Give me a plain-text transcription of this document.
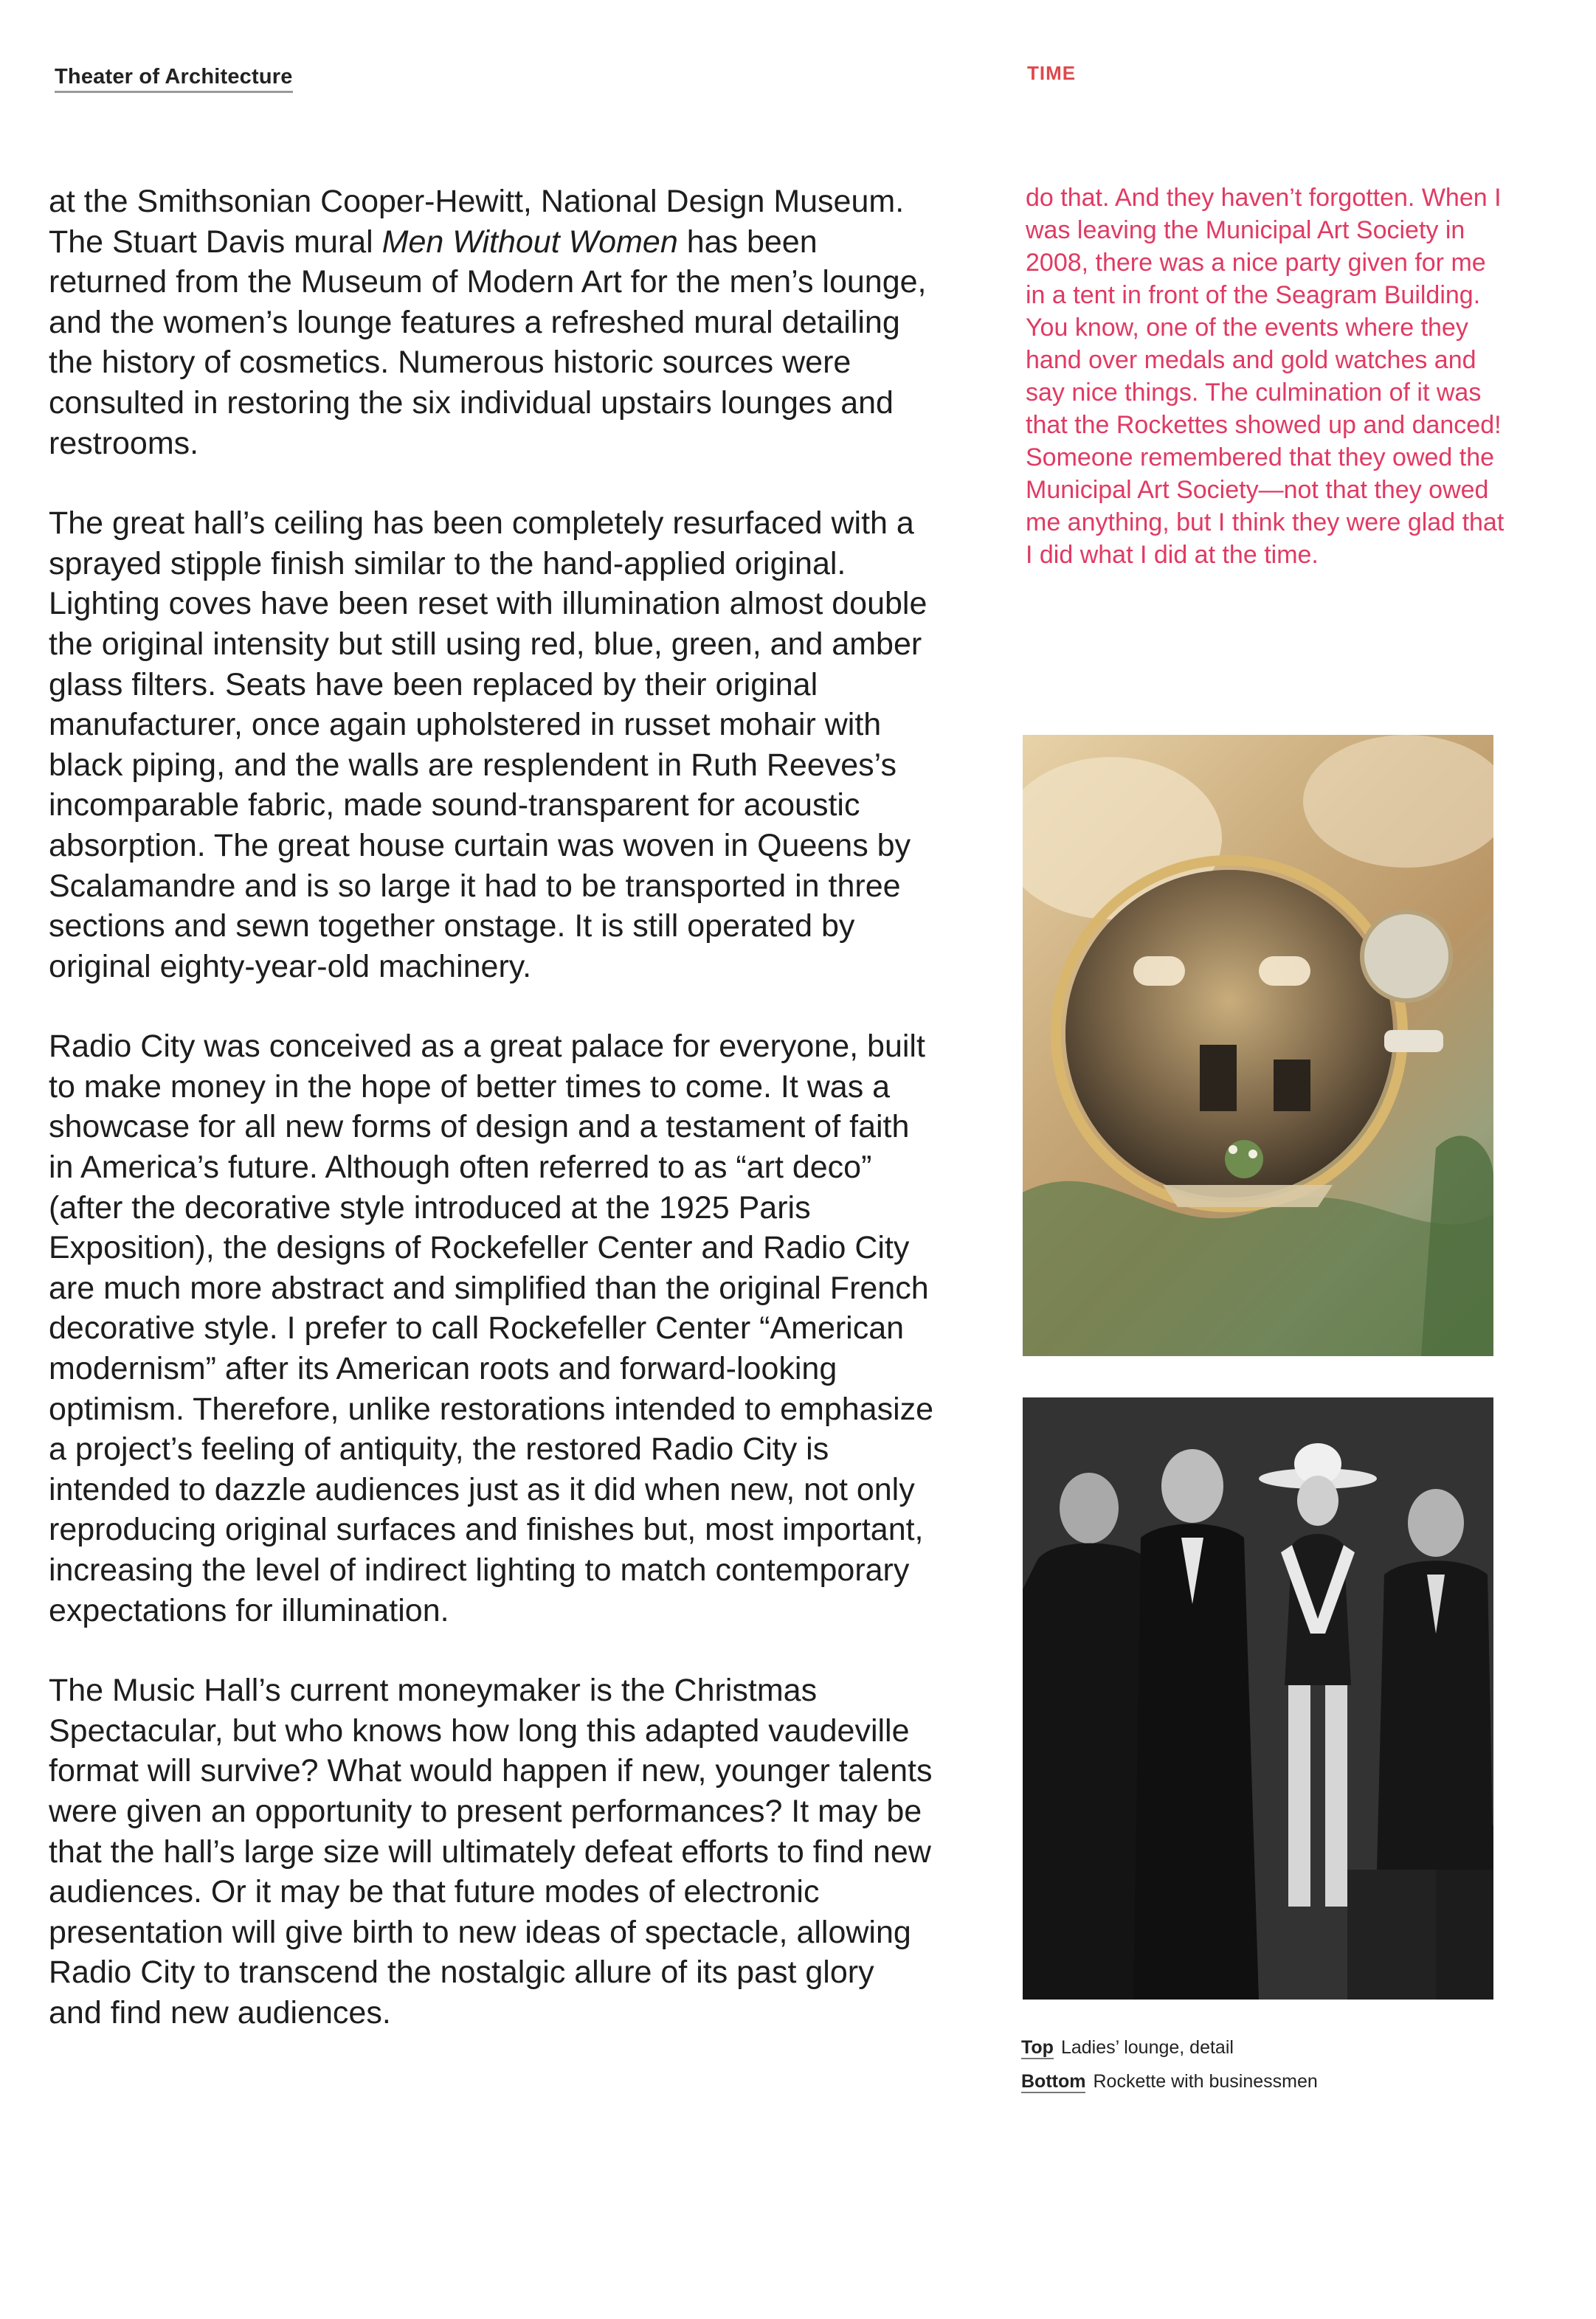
Theater of Architecture	TIME

at the Smithsonian Cooper-Hewitt, National Design Museum. The Stuart Davis mural Men Without Women has been returned from the Museum of Modern Art for the men’s lounge, and the women’s lounge features a refreshed mural detailing the history of cosmetics. Numerous historic sources were consulted in restoring the six individual upstairs lounges and restrooms.

The great hall’s ceiling has been completely resurfaced with a sprayed stipple finish similar to the hand-applied original. Lighting coves have been reset with illumination almost double the original intensity but still using red, blue, green, and amber glass filters. Seats have been replaced by their original manufacturer, once again upholstered in russet mohair with black piping, and the walls are resplendent in Ruth Reeves’s incomparable fabric, made sound-transparent for acoustic absorption. The great house curtain was woven in Queens by Scalamandre and is so large it had to be transported in three sections and sewn together onstage. It is still operated by original eighty-year-old machinery.

Radio City was conceived as a great palace for everyone, built to make money in the hope of better times to come. It was a showcase for all new forms of design and a testament of faith in America’s future. Although often referred to as “art deco” (after the decorative style introduced at the 1925 Paris Exposition), the designs of Rockefeller Center and Radio City are much more abstract and simplified than the original French decorative style. I prefer to call Rockefeller Center “American modernism” after its American roots and forward-looking optimism. Therefore, unlike restorations intended to emphasize a project’s feeling of antiquity, the restored Radio City is intended to dazzle audiences just as it did when new, not only reproducing original surfaces and finishes but, most important, increasing the level of indirect lighting to match contemporary expectations for illumination.

The Music Hall’s current moneymaker is the Christmas Spectacular, but who knows how long this adapted vaudeville format will survive? What would happen if new, younger talents were given an opportunity to present performances? It may be that the hall’s large size will ultimately defeat efforts to find new audiences. Or it may be that future modes of electronic presentation will give birth to new ideas of spectacle, allowing Radio City to transcend the nostalgic allure of its past glory and find new audiences.

do that. And they haven’t forgotten. When I was leaving the Municipal Art Society in 2008, there was a nice party given for me in a tent in front of the Seagram Building. You know, one of the events where they hand over medals and gold watches and say nice things. The culmination of it was that the Rockettes showed up and danced! Someone remembered that they owed the Municipal Art Society—not that they owed me anything, but I think they were glad that I did what I did at the time.

Top Ladies’ lounge, detail
Bottom Rockette with businessmen
